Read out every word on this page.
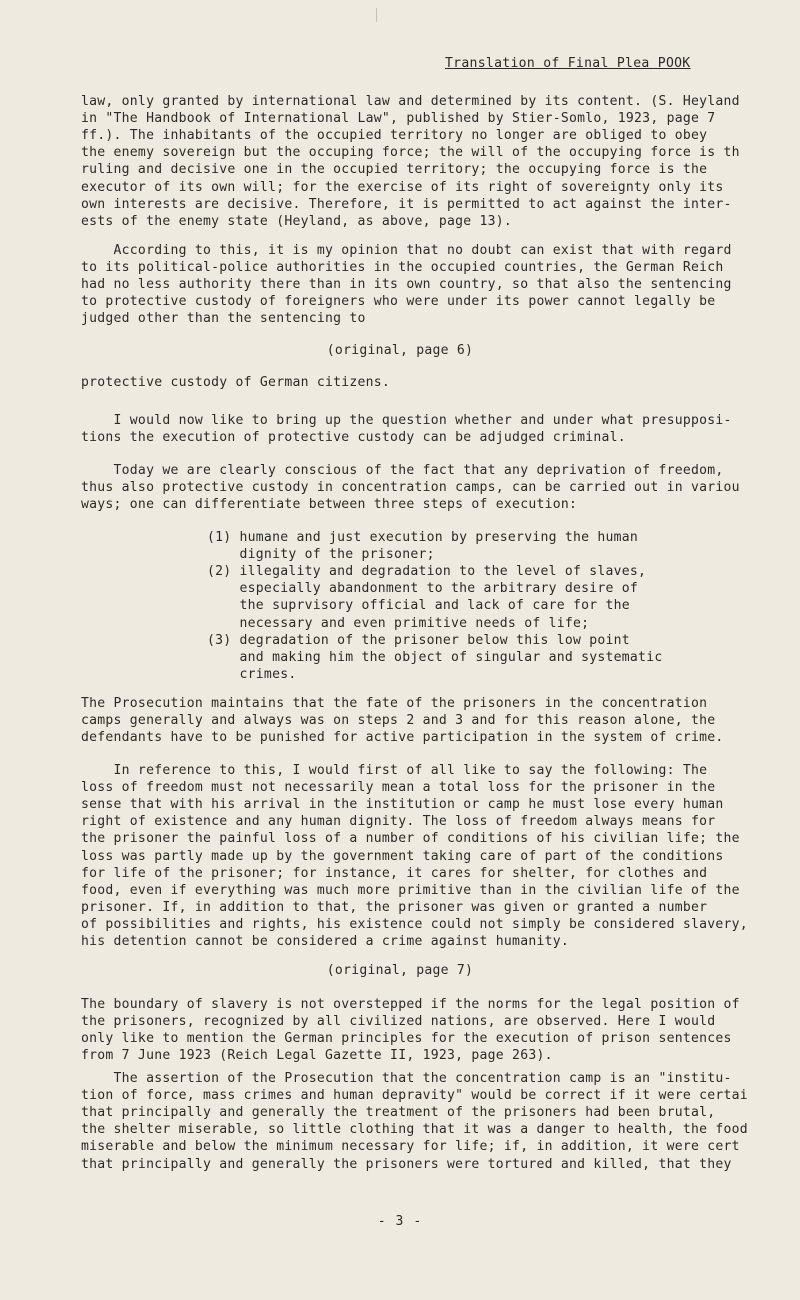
Translation of Final Plea POOK
law, only granted by international law and determined by its content. (S. Heyland
in "The Handbook of International Law", published by Stier-Somlo, 1923, page 7
ff.). The inhabitants of the occupied territory no longer are obliged to obey
the enemy sovereign but the occuping force; the will of the occupying force is th
ruling and decisive one in the occupied territory; the occupying force is the
executor of its own will; for the exercise of its right of sovereignty only its
own interests are decisive. Therefore, it is permitted to act against the inter-
ests of the enemy state (Heyland, as above, page 13).
According to this, it is my opinion that no doubt can exist that with regard
to its political-police authorities in the occupied countries, the German Reich
had no less authority there than in its own country, so that also the sentencing
to protective custody of foreigners who were under its power cannot legally be
judged other than the sentencing to
(original, page 6)
protective custody of German citizens.
I would now like to bring up the question whether and under what presupposi-
tions the execution of protective custody can be adjudged criminal.
Today we are clearly conscious of the fact that any deprivation of freedom,
thus also protective custody in concentration camps, can be carried out in variou
ways; one can differentiate between three steps of execution:
(1) humane and just execution by preserving the human
dignity of the prisoner;
(2) illegality and degradation to the level of slaves,
especially abandonment to the arbitrary desire of
the suprvisory official and lack of care for the
necessary and even primitive needs of life;
(3) degradation of the prisoner below this low point
and making him the object of singular and systematic
crimes.
The Prosecution maintains that the fate of the prisoners in the concentration
camps generally and always was on steps 2 and 3 and for this reason alone, the
defendants have to be punished for active participation in the system of crime.
In reference to this, I would first of all like to say the following: The
loss of freedom must not necessarily mean a total loss for the prisoner in the
sense that with his arrival in the institution or camp he must lose every human
right of existence and any human dignity. The loss of freedom always means for
the prisoner the painful loss of a number of conditions of his civilian life; the
loss was partly made up by the government taking care of part of the conditions
for life of the prisoner; for instance, it cares for shelter, for clothes and
food, even if everything was much more primitive than in the civilian life of the
prisoner. If, in addition to that, the prisoner was given or granted a number
of possibilities and rights, his existence could not simply be considered slavery,
his detention cannot be considered a crime against humanity.
(original, page 7)
The boundary of slavery is not overstepped if the norms for the legal position of
the prisoners, recognized by all civilized nations, are observed. Here I would
only like to mention the German principles for the execution of prison sentences
from 7 June 1923 (Reich Legal Gazette II, 1923, page 263).
The assertion of the Prosecution that the concentration camp is an "institu-
tion of force, mass crimes and human depravity" would be correct if it were certai
that principally and generally the treatment of the prisoners had been brutal,
the shelter miserable, so little clothing that it was a danger to health, the food
miserable and below the minimum necessary for life; if, in addition, it were cert
that principally and generally the prisoners were tortured and killed, that they
- 3 -
